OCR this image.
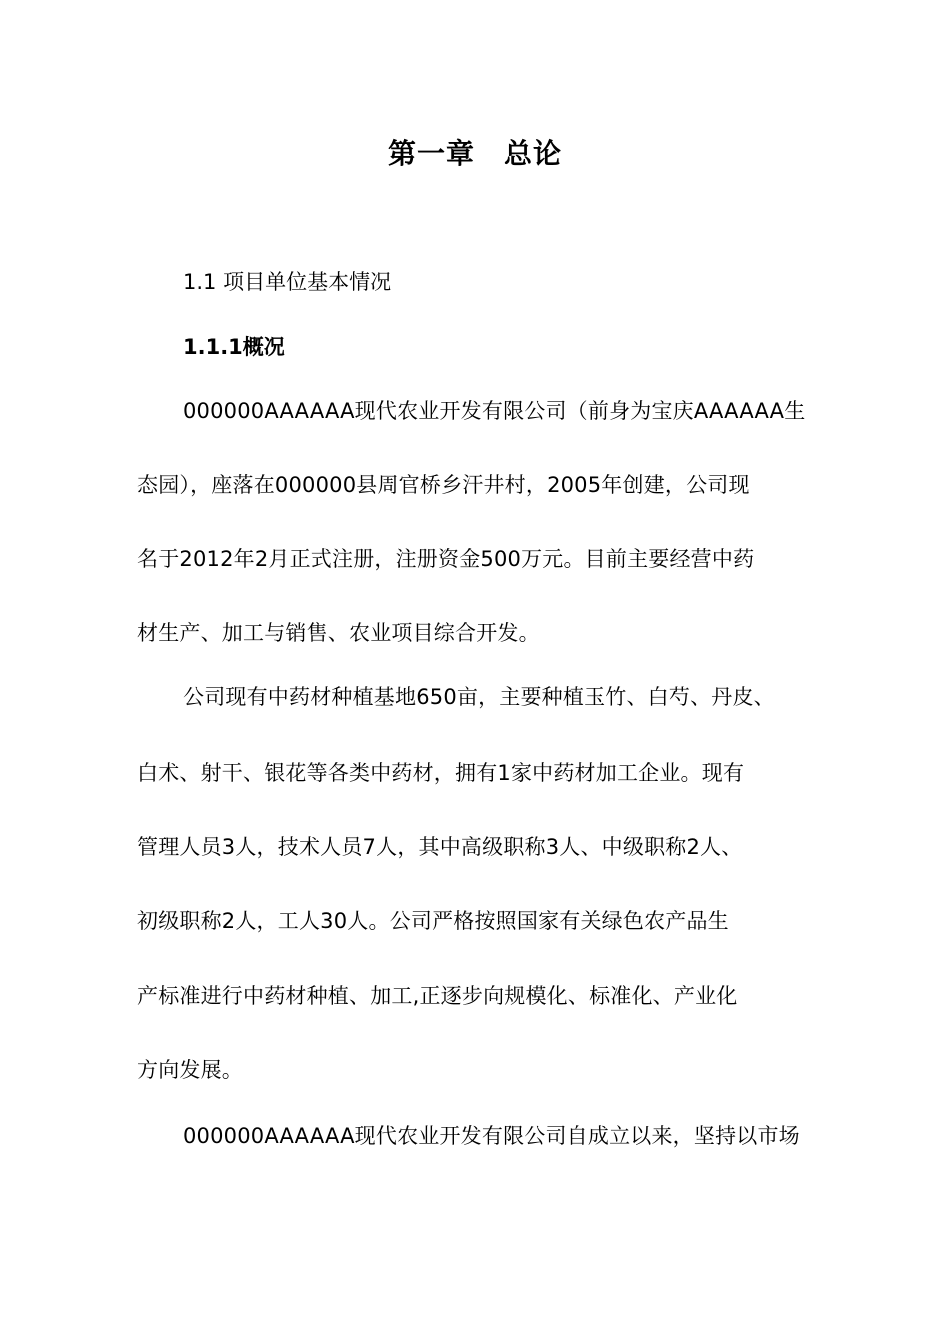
第一章　总论
1.1 项目单位基本情况
1.1.1概况
000000AAAAAA现代农业开发有限公司（前身为宝庆AAAAAA生
态园），座落在000000县周官桥乡汗井村，2005年创建，公司现
名于2012年2月正式注册，注册资金500万元。目前主要经营中药
材生产、加工与销售、农业项目综合开发。
公司现有中药材种植基地650亩，主要种植玉竹、白芍、丹皮、
白术、射干、银花等各类中药材，拥有1家中药材加工企业。现有
管理人员3人，技术人员7人，其中高级职称3人、中级职称2人、
初级职称2人，工人30人。公司严格按照国家有关绿色农产品生
产标准进行中药材种植、加工,正逐步向规模化、标准化、产业化
方向发展。
000000AAAAAA现代农业开发有限公司自成立以来，坚持以市场
